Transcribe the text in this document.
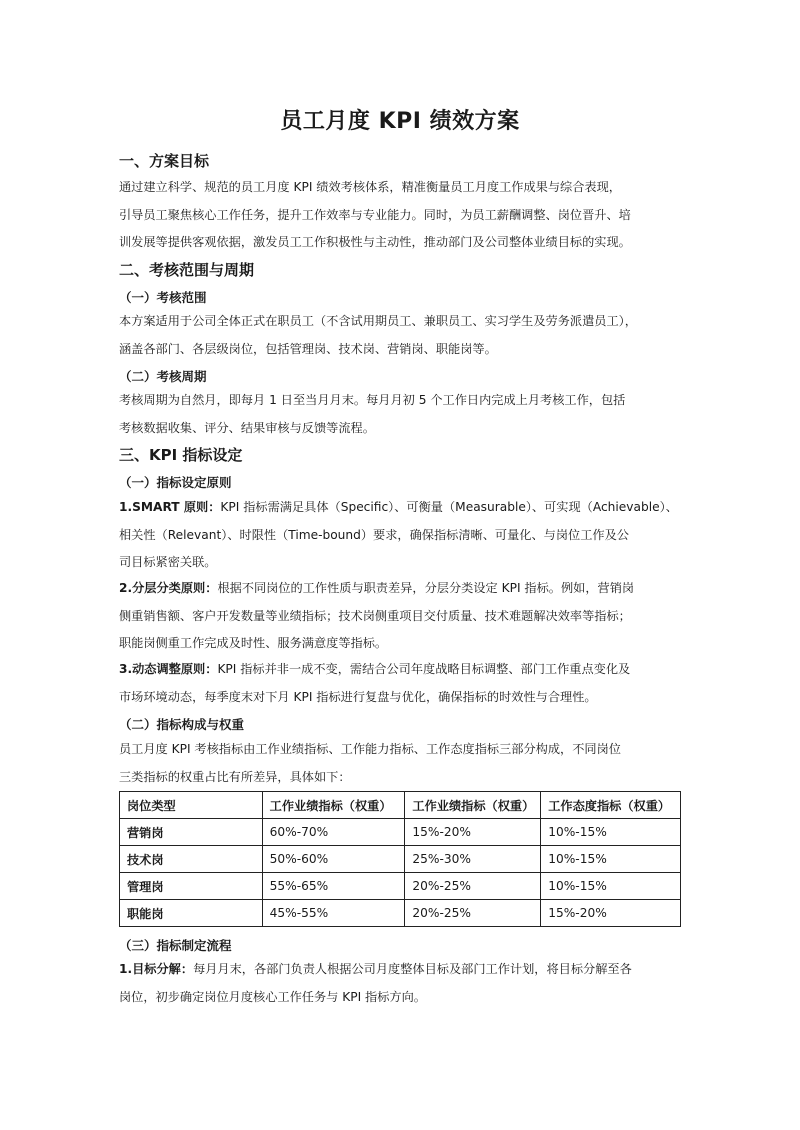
员工月度 KPI 绩效方案
一、方案目标
通过建立科学、规范的员工月度 KPI 绩效考核体系，精准衡量员工月度工作成果与综合表现，
引导员工聚焦核心工作任务，提升工作效率与专业能力。同时，为员工薪酬调整、岗位晋升、培
训发展等提供客观依据，激发员工工作积极性与主动性，推动部门及公司整体业绩目标的实现。
二、考核范围与周期
（一）考核范围
本方案适用于公司全体正式在职员工（不含试用期员工、兼职员工、实习学生及劳务派遣员工），
涵盖各部门、各层级岗位，包括管理岗、技术岗、营销岗、职能岗等。
（二）考核周期
考核周期为自然月，即每月 1 日至当月月末。每月月初 5 个工作日内完成上月考核工作，包括
考核数据收集、评分、结果审核与反馈等流程。
三、KPI 指标设定
（一）指标设定原则
1.SMART 原则：KPI 指标需满足具体（Specific）、可衡量（Measurable）、可实现（Achievable）、
相关性（Relevant）、时限性（Time-bound）要求，确保指标清晰、可量化、与岗位工作及公
司目标紧密关联。
2.分层分类原则：根据不同岗位的工作性质与职责差异，分层分类设定 KPI 指标。例如，营销岗
侧重销售额、客户开发数量等业绩指标；技术岗侧重项目交付质量、技术难题解决效率等指标；
职能岗侧重工作完成及时性、服务满意度等指标。
3.动态调整原则：KPI 指标并非一成不变，需结合公司年度战略目标调整、部门工作重点变化及
市场环境动态，每季度末对下月 KPI 指标进行复盘与优化，确保指标的时效性与合理性。
（二）指标构成与权重
员工月度 KPI 考核指标由工作业绩指标、工作能力指标、工作态度指标三部分构成，不同岗位
三类指标的权重占比有所差异，具体如下：
岗位类型	工作业绩指标（权重）	工作业绩指标（权重）	工作态度指标（权重）
营销岗	60%-70%	15%-20%	10%-15%
技术岗	50%-60%	25%-30%	10%-15%
管理岗	55%-65%	20%-25%	10%-15%
职能岗	45%-55%	20%-25%	15%-20%
（三）指标制定流程
1.目标分解：每月月末，各部门负责人根据公司月度整体目标及部门工作计划，将目标分解至各
岗位，初步确定岗位月度核心工作任务与 KPI 指标方向。
